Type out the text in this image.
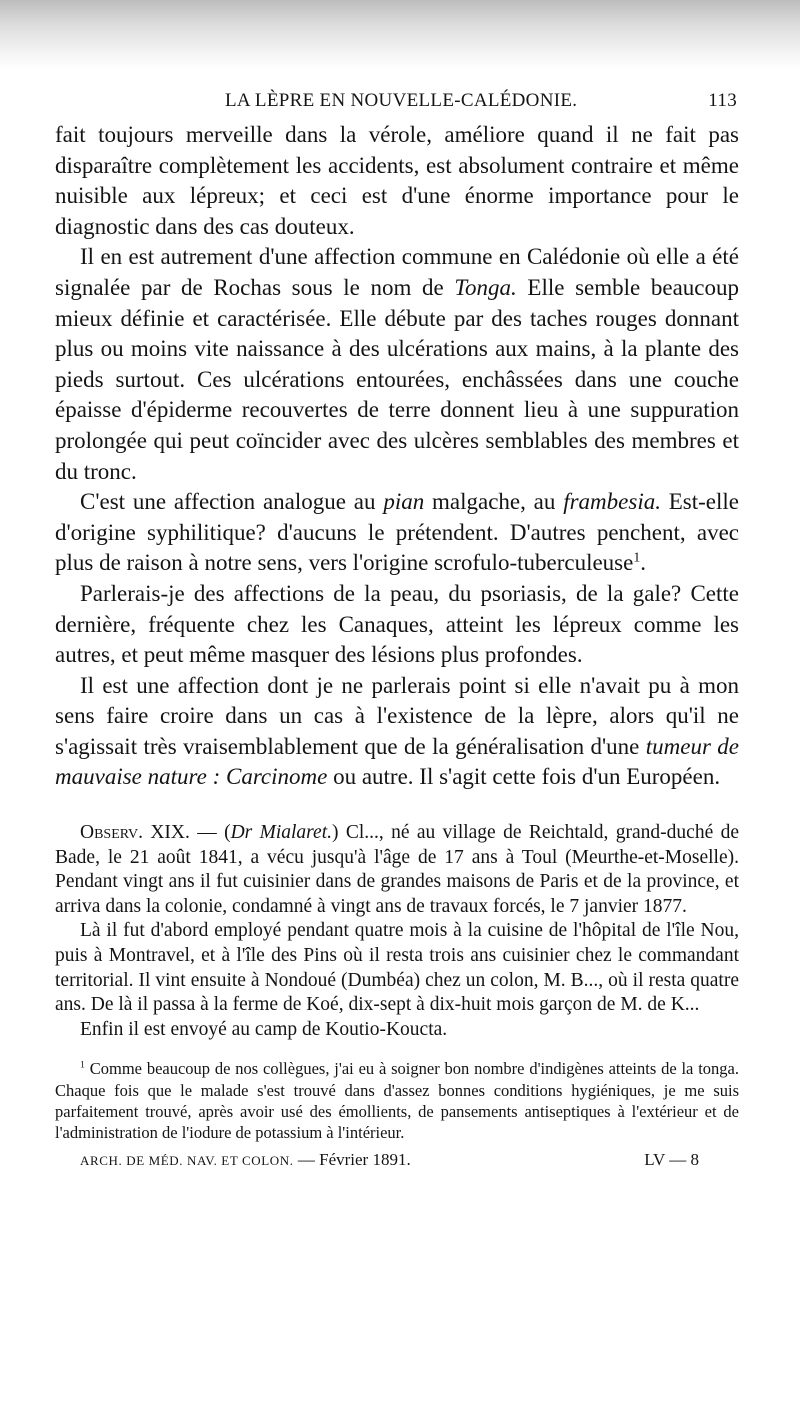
LA LÈPRE EN NOUVELLE-CALÉDONIE.	113

fait toujours merveille dans la vérole, améliore quand il ne fait pas disparaître complètement les accidents, est absolument contraire et même nuisible aux lépreux; et ceci est d'une énorme importance pour le diagnostic dans des cas douteux.

Il en est autrement d'une affection commune en Calédonie où elle a été signalée par de Rochas sous le nom de Tonga. Elle semble beaucoup mieux définie et caractérisée. Elle débute par des taches rouges donnant plus ou moins vite naissance à des ulcérations aux mains, à la plante des pieds surtout. Ces ulcérations entourées, enchâssées dans une couche épaisse d'épiderme recouvertes de terre donnent lieu à une suppuration prolongée qui peut coïncider avec des ulcères semblables des membres et du tronc.

C'est une affection analogue au pian malgache, au frambesia. Est-elle d'origine syphilitique? d'aucuns le prétendent. D'autres penchent, avec plus de raison à notre sens, vers l'origine scrofulo-tuberculeuse$^1$.

Parlerais-je des affections de la peau, du psoriasis, de la gale? Cette dernière, fréquente chez les Canaques, atteint les lépreux comme les autres, et peut même masquer des lésions plus profondes.

Il est une affection dont je ne parlerais point si elle n'avait pu à mon sens faire croire dans un cas à l'existence de la lèpre, alors qu'il ne s'agissait très vraisemblablement que de la généralisation d'une tumeur de mauvaise nature : Carcinome ou autre. Il s'agit cette fois d'un Européen.

Observ. XIX. — (Dr Mialaret.) Cl..., né au village de Reichtald, grand-duché de Bade, le 21 août 1841, a vécu jusqu'à l'âge de 17 ans à Toul (Meurthe-et-Moselle). Pendant vingt ans il fut cuisinier dans de grandes maisons de Paris et de la province, et arriva dans la colonie, condamné à vingt ans de travaux forcés, le 7 janvier 1877.

Là il fut d'abord employé pendant quatre mois à la cuisine de l'hôpital de l'île Nou, puis à Montravel, et à l'île des Pins où il resta trois ans cuisinier chez le commandant territorial. Il vint ensuite à Nondoué (Dumbéa) chez un colon, M. B..., où il resta quatre ans. De là il passa à la ferme de Koé, dix-sept à dix-huit mois garçon de M. de K...

Enfin il est envoyé au camp de Koutio-Koucta.

$^1$ Comme beaucoup de nos collègues, j'ai eu à soigner bon nombre d'indigènes atteints de la tonga. Chaque fois que le malade s'est trouvé dans d'assez bonnes conditions hygiéniques, je me suis parfaitement trouvé, après avoir usé des émollients, de pansements antiseptiques à l'extérieur et de l'administration de l'iodure de potassium à l'intérieur.

ARCH. DE MÉD. NAV. ET COLON. — Février 1891.	LV — 8
